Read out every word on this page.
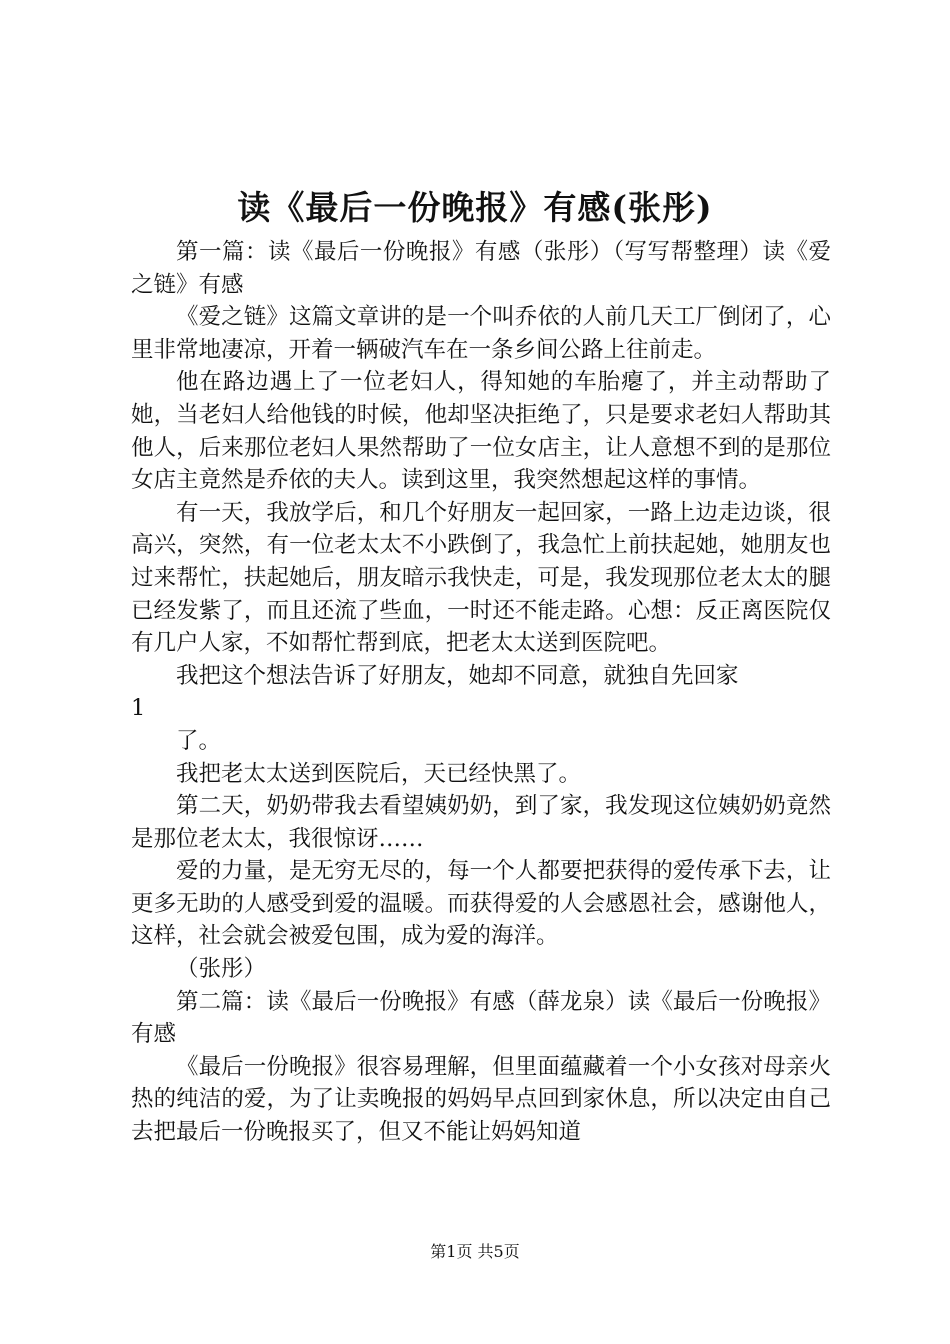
读《最后一份晚报》有感(张彤)

第一篇：读《最后一份晚报》有感（张彤）（写写帮整理）读《爱之链》有感

《爱之链》这篇文章讲的是一个叫乔依的人前几天工厂倒闭了，心里非常地凄凉，开着一辆破汽车在一条乡间公路上往前走。

他在路边遇上了一位老妇人，得知她的车胎瘪了，并主动帮助了她，当老妇人给他钱的时候，他却坚决拒绝了，只是要求老妇人帮助其他人，后来那位老妇人果然帮助了一位女店主，让人意想不到的是那位女店主竟然是乔依的夫人。读到这里，我突然想起这样的事情。

有一天，我放学后，和几个好朋友一起回家，一路上边走边谈，很高兴，突然，有一位老太太不小跌倒了，我急忙上前扶起她，她朋友也过来帮忙，扶起她后，朋友暗示我快走，可是，我发现那位老太太的腿已经发紫了，而且还流了些血，一时还不能走路。心想：反正离医院仅有几户人家，不如帮忙帮到底，把老太太送到医院吧。

我把这个想法告诉了好朋友，她却不同意，就独自先回家

1

了。

我把老太太送到医院后，天已经快黑了。

第二天，奶奶带我去看望姨奶奶，到了家，我发现这位姨奶奶竟然是那位老太太，我很惊讶……

爱的力量，是无穷无尽的，每一个人都要把获得的爱传承下去，让更多无助的人感受到爱的温暖。而获得爱的人会感恩社会，感谢他人，这样，社会就会被爱包围，成为爱的海洋。

（张彤）

第二篇：读《最后一份晚报》有感（薛龙泉）读《最后一份晚报》有感

《最后一份晚报》很容易理解，但里面蕴藏着一个小女孩对母亲火热的纯洁的爱，为了让卖晚报的妈妈早点回到家休息，所以决定由自己去把最后一份晚报买了，但又不能让妈妈知道

第1页 共5页
